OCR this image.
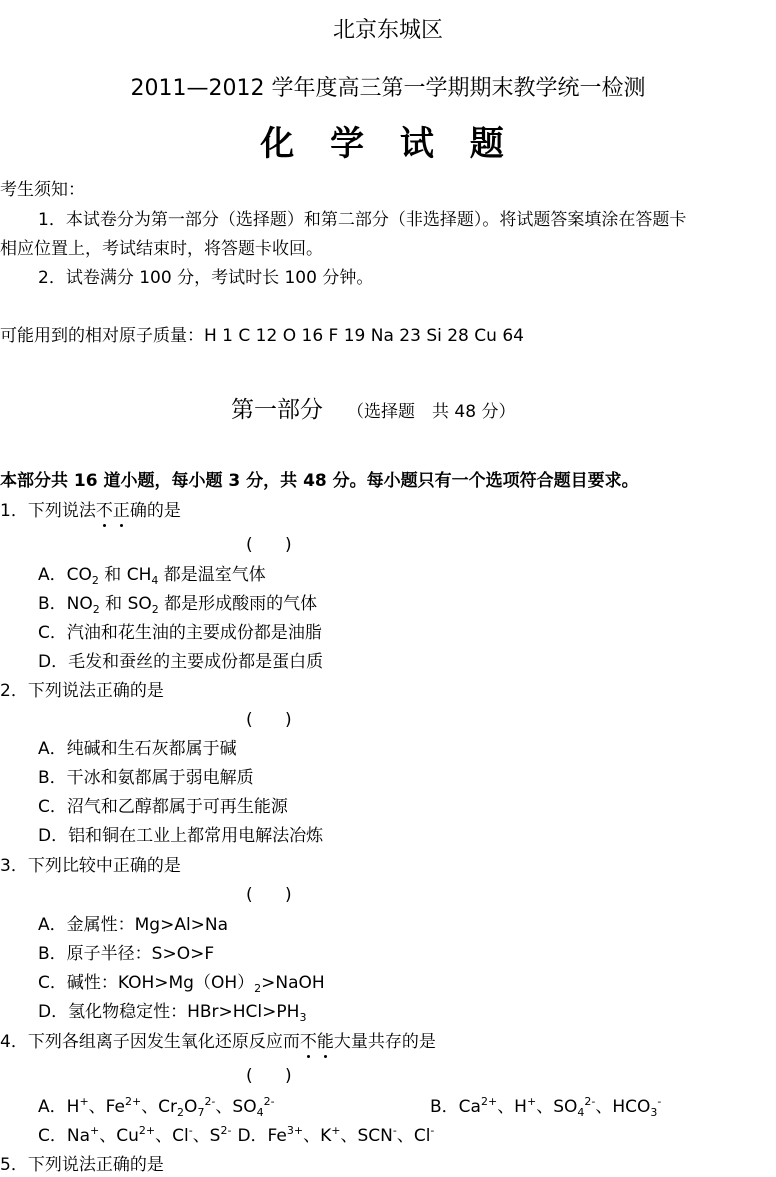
北京东城区
2011—2012 学年度高三第一学期期末教学统一检测
化 学 试 题
考生须知：
1．本试卷分为第一部分（选择题）和第二部分（非选择题）。将试题答案填涂在答题卡
相应位置上，考试结束时，将答题卡收回。
2．试卷满分 100 分，考试时长 100 分钟。
可能用到的相对原子质量：H 1 C 12 O 16 F 19 Na 23 Si 28 Cu 64
第一部分 （选择题　共 48 分）
本部分共 16 道小题，每小题 3 分，共 48 分。每小题只有一个选项符合题目要求。
1．下列说法不正确的是
(      )
A．$CO_2$ 和 $CH_4$ 都是温室气体
B．$NO_2$ 和 $SO_2$ 都是形成酸雨的气体
C．汽油和花生油的主要成份都是油脂
D．毛发和蚕丝的主要成份都是蛋白质
2．下列说法正确的是
(      )
A．纯碱和生石灰都属于碱
B．干冰和氨都属于弱电解质
C．沼气和乙醇都属于可再生能源
D．铝和铜在工业上都常用电解法冶炼
3．下列比较中正确的是
(      )
A．金属性：Mg>Al>Na
B．原子半径：S>O>F
C．碱性：$KOH>Mg(OH)_2>NaOH$
D．氢化物稳定性：$HBr>HCl>PH_3$
4．下列各组离子因发生氧化还原反应而不能大量共存的是
(      )
A．H+、$Fe^{2+}$、$Cr_2O_7^{2-}$、$SO_4^{2-}$	B．$Ca^{2+}$、H+、$SO_4^{2-}$、$HCO_3^-$
C．Na+、$Cu^{2+}$、Cl-、$S^{2-}$ D．$Fe^{3+}$、K+、SCN-、Cl-
5．下列说法正确的是
